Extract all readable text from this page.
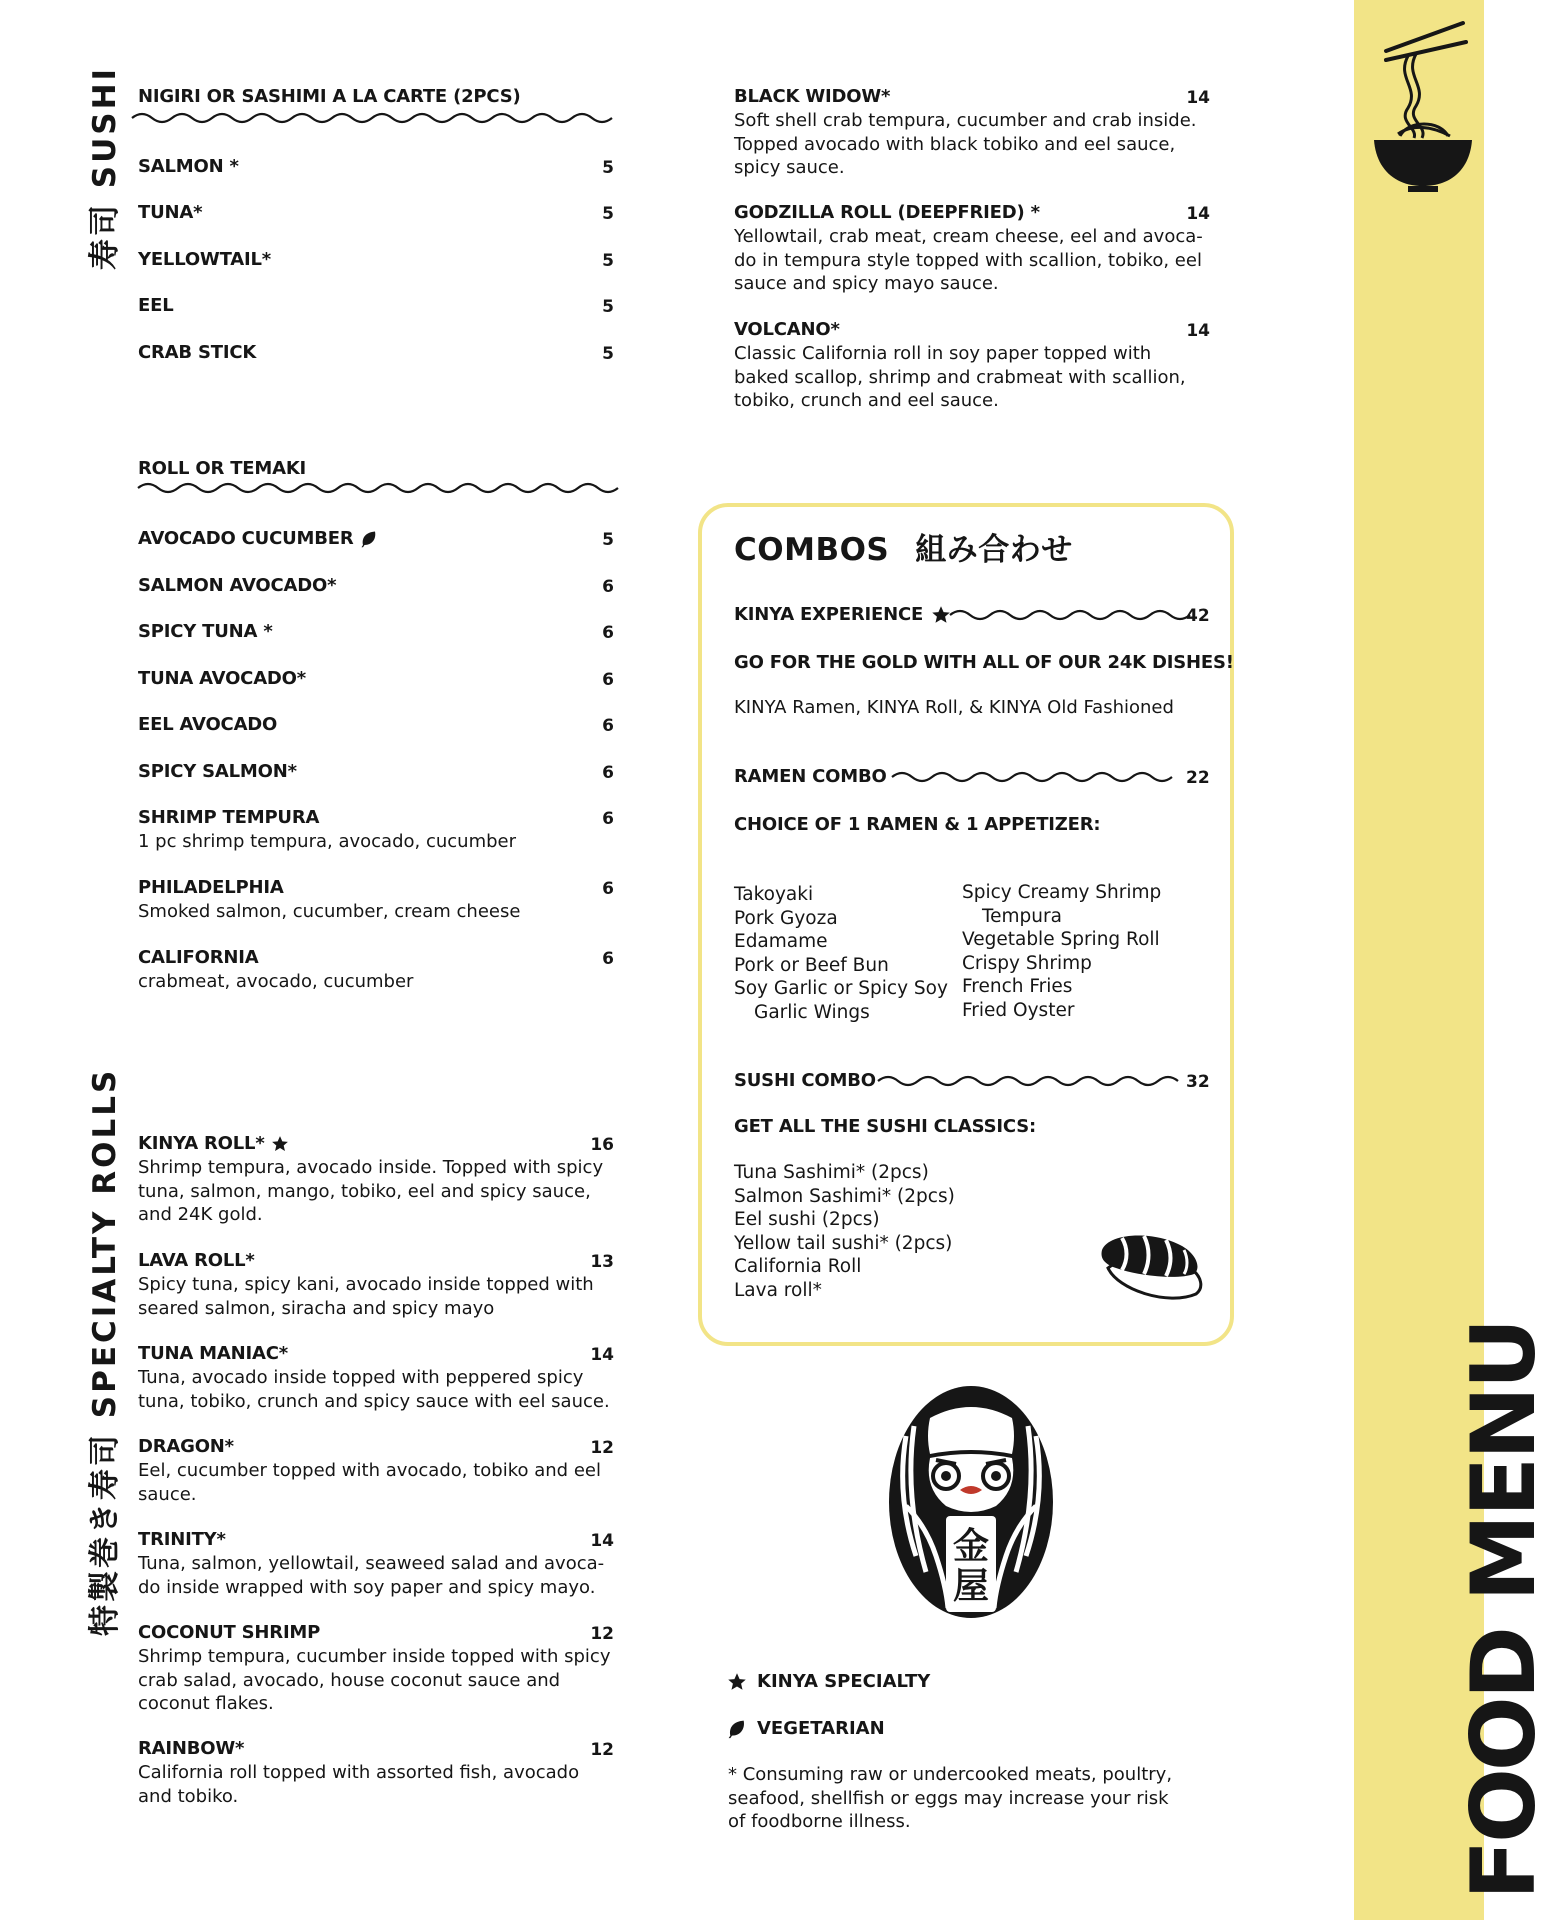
FOOD MENU
寿司 SUSHI
特製巻き寿司 SPECIALTY ROLLS
NIGIRI OR SASHIMI A LA CARTE (2PCS)
SALMON *	5
TUNA*	5
YELLOWTAIL*	5
EEL	5
CRAB STICK	5
ROLL OR TEMAKI
AVOCADO CUCUMBER	5
SALMON AVOCADO*	6
SPICY TUNA *	6
TUNA AVOCADO*	6
EEL AVOCADO	6
SPICY SALMON*	6
SHRIMP TEMPURA	6
1 pc shrimp tempura, avocado, cucumber
PHILADELPHIA	6
Smoked salmon, cucumber, cream cheese
CALIFORNIA	6
crabmeat, avocado, cucumber
KINYA ROLL*	16
Shrimp tempura, avocado inside. Topped with spicy tuna, salmon, mango, tobiko, eel and spicy sauce, and 24K gold.
LAVA ROLL*	13
Spicy tuna, spicy kani, avocado inside topped with seared salmon, siracha and spicy mayo
TUNA MANIAC*	14
Tuna, avocado inside topped with peppered spicy tuna, tobiko, crunch and spicy sauce with eel sauce.
DRAGON*	12
Eel, cucumber topped with avocado, tobiko and eel sauce.
TRINITY*	14
Tuna, salmon, yellowtail, seaweed salad and avoca-do inside wrapped with soy paper and spicy mayo.
COCONUT SHRIMP	12
Shrimp tempura, cucumber inside topped with spicy crab salad, avocado, house coconut sauce and coconut flakes.
RAINBOW*	12
California roll topped with assorted fish, avocado and tobiko.
BLACK WIDOW*	14
Soft shell crab tempura, cucumber and crab inside. Topped avocado with black tobiko and eel sauce, spicy sauce.
GODZILLA ROLL (DEEPFRIED) *	14
Yellowtail, crab meat, cream cheese, eel and avoca-do in tempura style topped with scallion, tobiko, eel sauce and spicy mayo sauce.
VOLCANO*	14
Classic California roll in soy paper topped with baked scallop, shrimp and crabmeat with scallion, tobiko, crunch and eel sauce.
COMBOS 組み合わせ
KINYA EXPERIENCE	42
GO FOR THE GOLD WITH ALL OF OUR 24K DISHES!
KINYA Ramen, KINYA Roll, & KINYA Old Fashioned
RAMEN COMBO	22
CHOICE OF 1 RAMEN & 1 APPETIZER:
Takoyaki
Pork Gyoza
Edamame
Pork or Beef Bun
Soy Garlic or Spicy Soy
Garlic Wings
Spicy Creamy Shrimp
Tempura
Vegetable Spring Roll
Crispy Shrimp
French Fries
Fried Oyster
SUSHI COMBO	32
GET ALL THE SUSHI CLASSICS:
Tuna Sashimi* (2pcs)
Salmon Sashimi* (2pcs)
Eel sushi (2pcs)
Yellow tail sushi* (2pcs)
California Roll
Lava roll*
金
屋
KINYA SPECIALTY
VEGETARIAN
* Consuming raw or undercooked meats, poultry, seafood, shellfish or eggs may increase your risk of foodborne illness.
